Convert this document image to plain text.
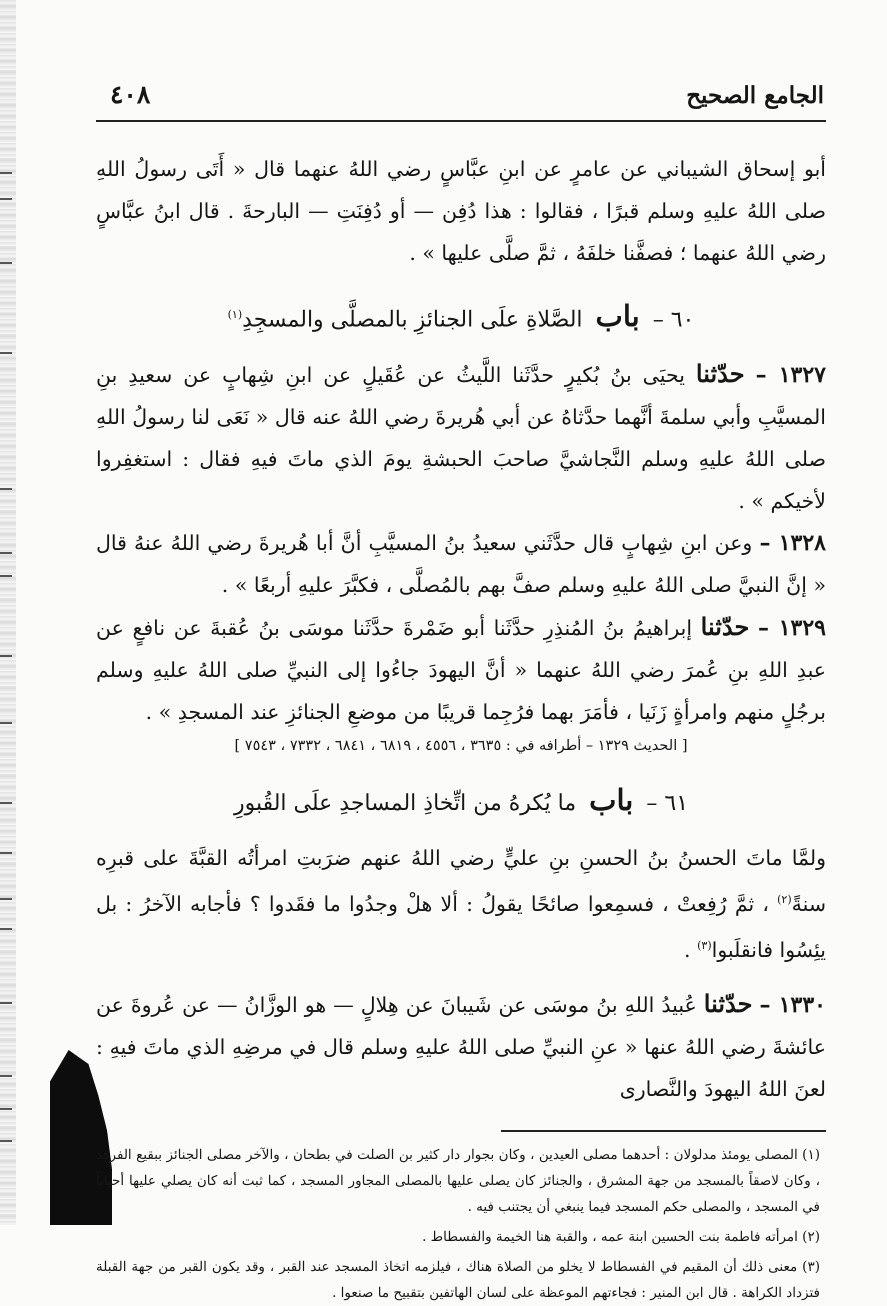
الجامع الصحيح
٤٠٨

أبو إسحاق الشيباني عن عامرٍ عن ابنِ عبَّاسٍ رضي اللهُ عنهما قال « أَتَى رسولُ اللهِ صلى اللهُ عليهِ وسلم قبرًا ، فقالوا : هذا دُفِن — أو دُفِنَتِ — البارحةَ . قال ابنُ عبَّاسٍ رضي اللهُ عنهما ؛ فصفَّنا خلفَهُ ، ثمَّ صلَّى عليها » .

٦٠ – باب الصَّلاةِ علَى الجنائزِ بالمصلَّى والمسجِدِ$^{(١)}$

١٣٢٧ – حدّثنا يحيَى بنُ بُكيرٍ حدَّثَنا اللَّيثُ عن عُقَيلٍ عن ابنِ شِهابٍ عن سعيدِ بنِ المسيَّبِ وأبي سلمةَ أنَّهما حدَّثاهُ عن أبي هُريرةَ رضي اللهُ عنه قال « نَعَى لنا رسولُ اللهِ صلى اللهُ عليهِ وسلم النَّجاشيَّ صاحبَ الحبشةِ يومَ الذي ماتَ فيهِ فقال : استغفِروا لأخيكم » .

١٣٢٨ – وعن ابنِ شِهابٍ قال حدَّثَني سعيدُ بنُ المسيَّبِ أنَّ أبا هُريرةَ رضي اللهُ عنهُ قال « إنَّ النبيَّ صلى اللهُ عليهِ وسلم صفَّ بهم بالمُصلَّى ، فكبَّرَ عليهِ أربعًا » .

١٣٢٩ – حدّثنا إبراهيمُ بنُ المُنذِرِ حدَّثَنا أبو ضَمْرةَ حدَّثَنا موسَى بنُ عُقبةَ عن نافعٍ عن عبدِ اللهِ بنِ عُمرَ رضي اللهُ عنهما « أنَّ اليهودَ جاءُوا إلى النبيِّ صلى اللهُ عليهِ وسلم برجُلٍ منهم وامرأةٍ زَنَيا ، فأمَرَ بهما فرُجِما قريبًا من موضعِ الجنائزِ عند المسجدِ » .

[ الحديث ١٣٢٩ – أطرافه في : ٣٦٣٥ ، ٤٥٥٦ ، ٦٨١٩ ، ٦٨٤١ ، ٧٣٣٢ ، ٧٥٤٣ ]

٦١ – باب ما يُكرهُ من اتِّخاذِ المساجدِ علَى القُبورِ

ولمَّا ماتَ الحسنُ بنُ الحسنِ بنِ عليٍّ رضي اللهُ عنهم ضرَبتِ امرأتُه القبَّةَ على قبرِه سنةً$^{(٢)}$ ، ثمَّ رُفِعتْ ، فسمِعوا صائحًا يقولُ : ألا هلْ وجدُوا ما فقَدوا ؟ فأجابه الآخرُ : بل يئِسُوا فانقلَبوا$^{(٣)}$ .

١٣٣٠ – حدّثنا عُبيدُ اللهِ بنُ موسَى عن شَيبانَ عن هِلالٍ — هو الوزَّانُ — عن عُروةَ عن عائشةَ رضي اللهُ عنها « عنِ النبيِّ صلى اللهُ عليهِ وسلم قال في مرضِهِ الذي ماتَ فيهِ : لعنَ اللهُ اليهودَ والنَّصارى

(١) المصلى يومئذ مدلولان : أحدهما مصلى العيدين ، وكان بجوار دار كثير بن الصلت في بطحان ، والآخر مصلى الجنائز ببقيع الفرقد ، وكان لاصقاً بالمسجد من جهة المشرق ، والجنائز كان يصلى عليها بالمصلى المجاور المسجد ، كما ثبت أنه كان يصلي عليها أحياناً في المسجد ، والمصلى حكم المسجد فيما ينبغي أن يجتنب فيه .

(٢) امرأته فاطمة بنت الحسين ابنة عمه ، والقبة هنا الخيمة والفسطاط .

(٣) معنى ذلك أن المقيم في الفسطاط لا يخلو من الصلاة هناك ، فيلزمه اتخاذ المسجد عند القبر ، وقد يكون القبر من جهة القبلة فتزداد الكراهة . قال ابن المنير : فجاءتهم الموعظة على لسان الهاتفين بتقبيح ما صنعوا .
